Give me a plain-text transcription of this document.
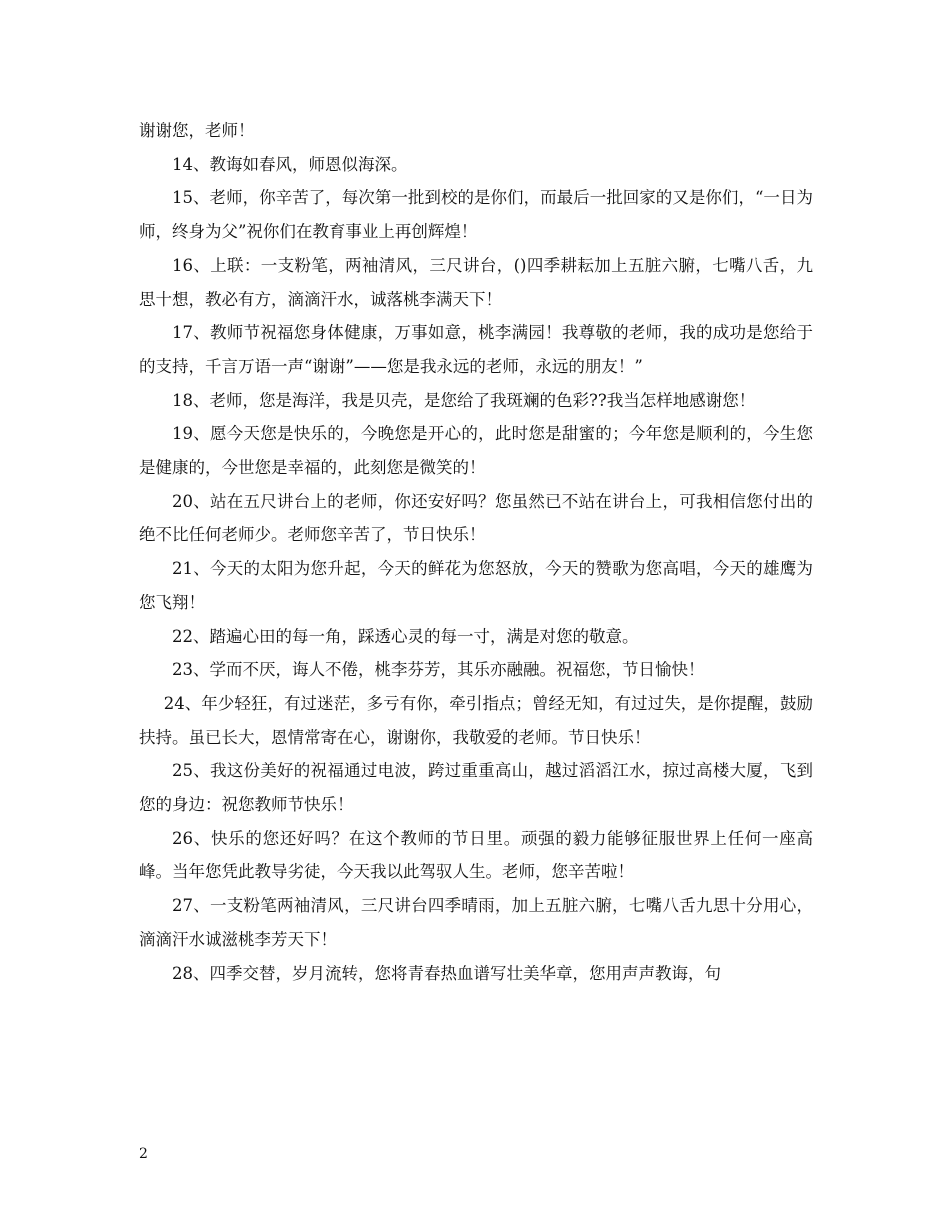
谢谢您，老师！

14、教诲如春风，师恩似海深。

15、老师，你辛苦了，每次第一批到校的是你们，而最后一批回家的又是你们，“一日为师，终身为父”祝你们在教育事业上再创辉煌！

16、上联：一支粉笔，两袖清风，三尺讲台，()四季耕耘加上五脏六腑，七嘴八舌，九思十想，教必有方，滴滴汗水，诚落桃李满天下！

17、教师节祝福您身体健康，万事如意，桃李满园！我尊敬的老师，我的成功是您给于的支持，千言万语一声“谢谢”——您是我永远的老师，永远的朋友！”

18、老师，您是海洋，我是贝壳，是您给了我斑斓的色彩??我当怎样地感谢您！

19、愿今天您是快乐的，今晚您是开心的，此时您是甜蜜的；今年您是顺利的，今生您是健康的，今世您是幸福的，此刻您是微笑的！

20、站在五尺讲台上的老师，你还安好吗？您虽然已不站在讲台上，可我相信您付出的绝不比任何老师少。老师您辛苦了，节日快乐！

21、今天的太阳为您升起，今天的鲜花为您怒放，今天的赞歌为您高唱，今天的雄鹰为您飞翔！

22、踏遍心田的每一角，踩透心灵的每一寸，满是对您的敬意。

23、学而不厌，诲人不倦，桃李芬芳，其乐亦融融。祝福您，节日愉快！

24、年少轻狂，有过迷茫，多亏有你，牵引指点；曾经无知，有过过失，是你提醒，鼓励扶持。虽已长大，恩情常寄在心，谢谢你，我敬爱的老师。节日快乐！

25、我这份美好的祝福通过电波，跨过重重高山，越过滔滔江水，掠过高楼大厦，飞到您的身边：祝您教师节快乐！

26、快乐的您还好吗？在这个教师的节日里。顽强的毅力能够征服世界上任何一座高峰。当年您凭此教导劣徒，今天我以此驾驭人生。老师，您辛苦啦！

27、一支粉笔两袖清风，三尺讲台四季晴雨，加上五脏六腑，七嘴八舌九思十分用心，滴滴汗水诚滋桃李芳天下！

28、四季交替，岁月流转，您将青春热血谱写壮美华章，您用声声教诲，句

2
